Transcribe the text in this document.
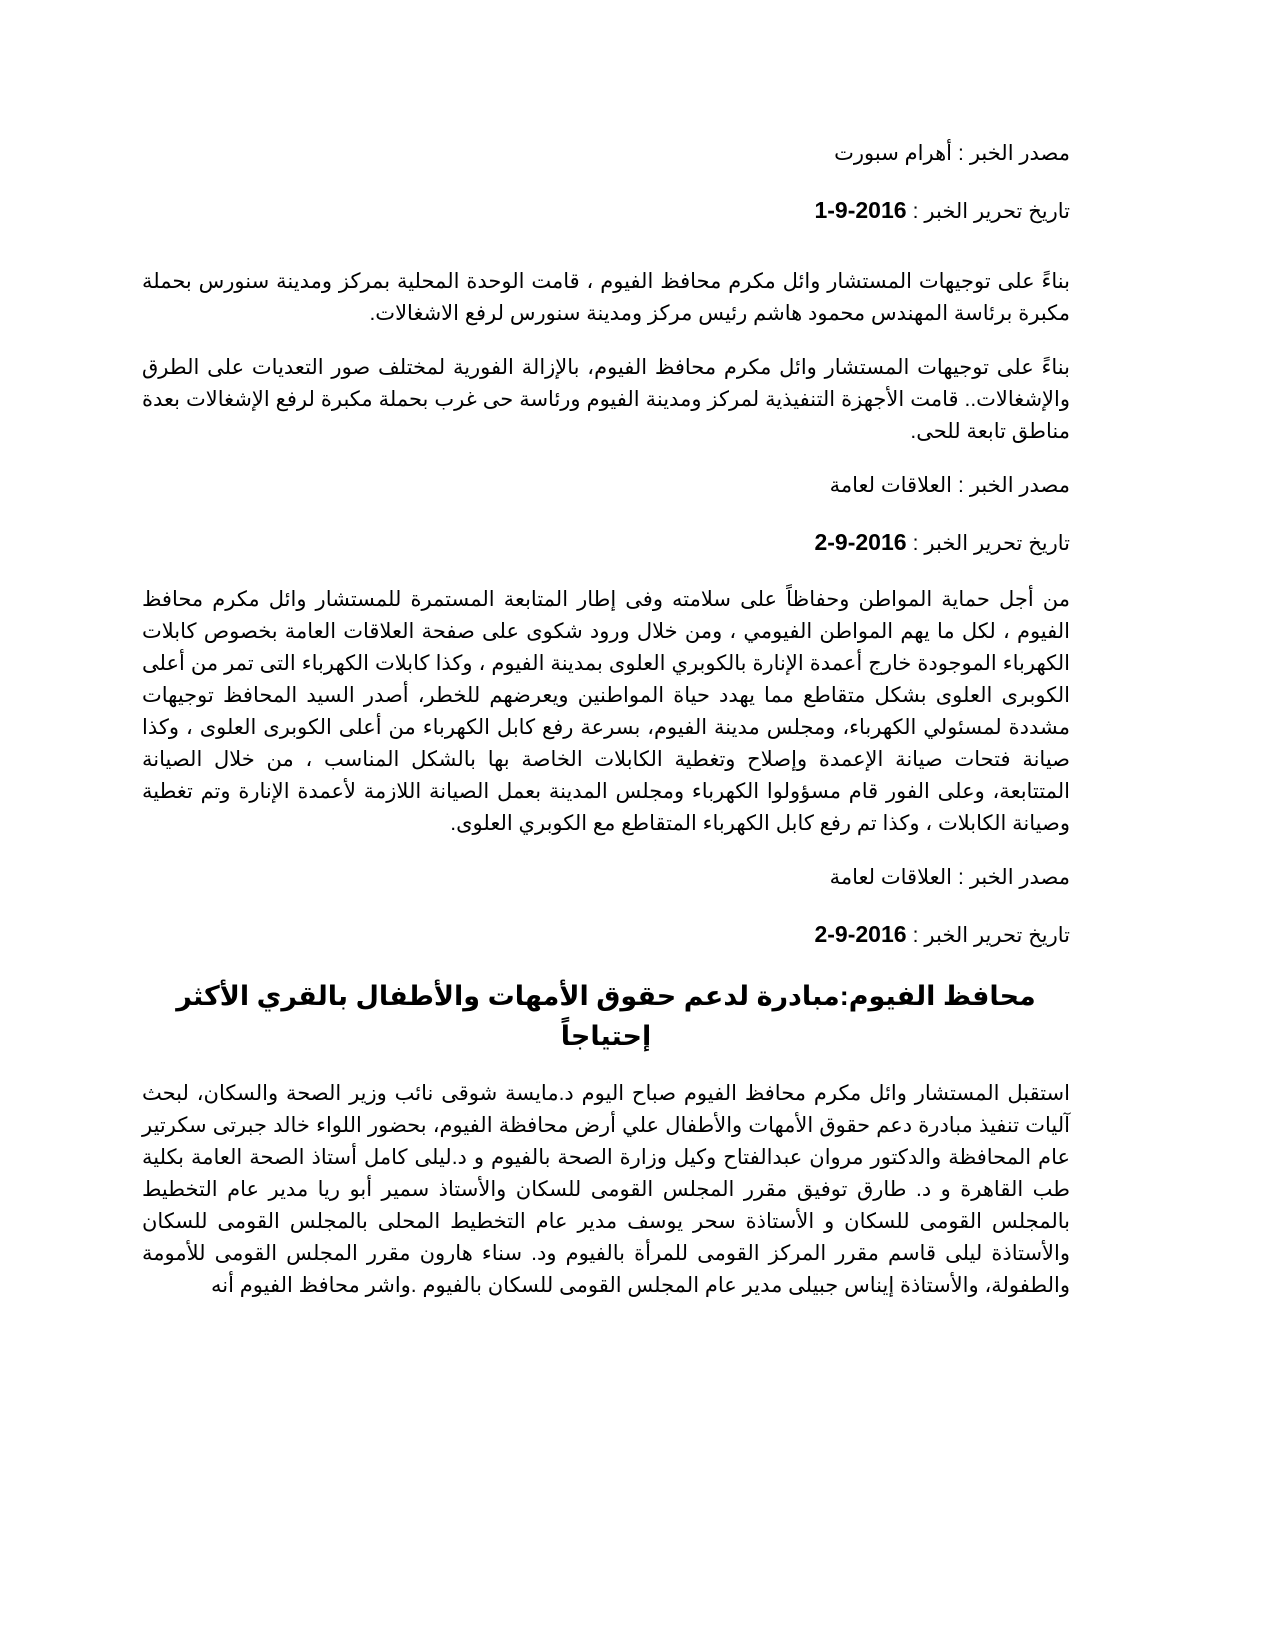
مصدر الخبر:أهرام سبورت

تاريخ تحرير الخبر:1-9-2016

بناءً على توجيهات المستشار وائل مكرم محافظ الفيوم ، قامت الوحدة المحلية بمركز ومدينة سنورس بحملة مكبرة برئاسة المهندس محمود هاشم رئيس مركز ومدينة سنورس لرفع الاشغالات.

بناءً على توجيهات المستشار وائل مكرم محافظ الفيوم، بالإزالة الفورية لمختلف صور التعديات على الطرق والإشغالات.. قامت الأجهزة التنفيذية لمركز ومدينة الفيوم ورئاسة حى غرب بحملة مكبرة لرفع الإشغالات بعدة مناطق تابعة للحى.

مصدر الخبر:العلاقات لعامة

تاريخ تحرير الخبر:2-9-2016

من أجل حماية المواطن وحفاظاً على سلامته وفى إطار المتابعة المستمرة للمستشار وائل مكرم محافظ الفيوم ، لكل ما يهم المواطن الفيومي ، ومن خلال ورود شكوى على صفحة العلاقات العامة بخصوص كابلات الكهرباء الموجودة خارج أعمدة الإنارة بالكوبري العلوى بمدينة الفيوم ، وكذا كابلات الكهرباء التى تمر من أعلى الكوبرى العلوى بشكل متقاطع مما يهدد حياة المواطنين ويعرضهم للخطر، أصدر السيد المحافظ توجيهات مشددة لمسئولي الكهرباء، ومجلس مدينة الفيوم، بسرعة رفع كابل الكهرباء من أعلى الكوبرى العلوى ، وكذا صيانة فتحات صيانة الإعمدة وإصلاح وتغطية الكابلات الخاصة بها بالشكل المناسب ، من خلال الصيانة المتتابعة، وعلى الفور قام مسؤولوا الكهرباء ومجلس المدينة بعمل الصيانة اللازمة لأعمدة الإنارة وتم تغطية وصيانة الكابلات ، وكذا تم رفع كابل الكهرباء المتقاطع مع الكوبري العلوى.

مصدر الخبر:العلاقات لعامة

تاريخ تحرير الخبر:2-9-2016

محافظ الفيوم:مبادرة لدعم حقوق الأمهات والأطفال بالقري الأكثر إحتياجاً

استقبل المستشار وائل مكرم محافظ الفيوم صباح اليوم د.مايسة شوقى نائب وزير الصحة والسكان، لبحث آليات تنفيذ مبادرة دعم حقوق الأمهات والأطفال علي أرض محافظة الفيوم، بحضور اللواء خالد جبرتى سكرتير عام المحافظة والدكتور مروان عبدالفتاح وكيل وزارة الصحة بالفيوم و د.ليلى كامل أستاذ الصحة العامة بكلية طب القاهرة و د. طارق توفيق مقرر المجلس القومى للسكان والأستاذ سمير أبو ريا مدير عام التخطيط بالمجلس القومى للسكان و الأستاذة سحر يوسف مدير عام التخطيط المحلى بالمجلس القومى للسكان والأستاذة ليلى قاسم مقرر المركز القومى للمرأة بالفيوم ود. سناء هارون مقرر المجلس القومى للأمومة والطفولة، والأستاذة إيناس جبيلى مدير عام المجلس القومى للسكان بالفيوم .واشر محافظ الفيوم أنه
